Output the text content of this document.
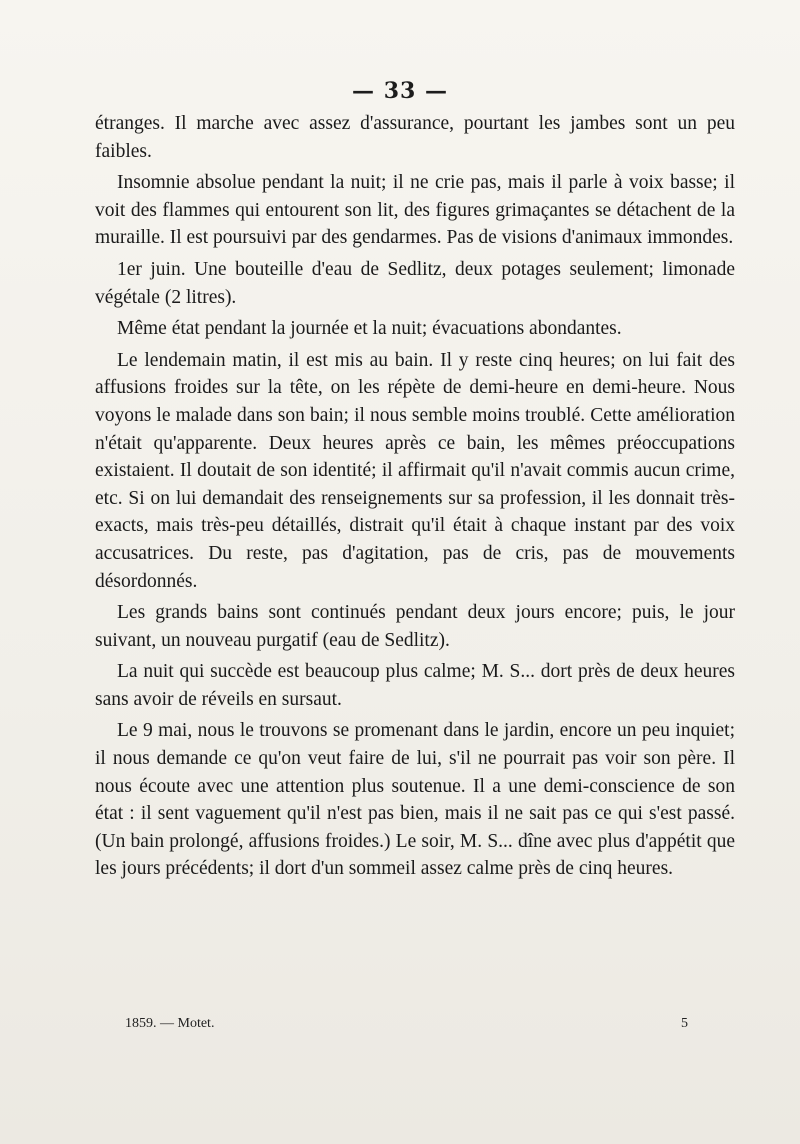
— 33 —

étranges. Il marche avec assez d'assurance, pourtant les jambes sont un peu faibles.

Insomnie absolue pendant la nuit; il ne crie pas, mais il parle à voix basse; il voit des flammes qui entourent son lit, des figures grimaçantes se détachent de la muraille. Il est poursuivi par des gendarmes. Pas de visions d'animaux immondes.

1er juin. Une bouteille d'eau de Sedlitz, deux potages seulement; limonade végétale (2 litres).

Même état pendant la journée et la nuit; évacuations abondantes.

Le lendemain matin, il est mis au bain. Il y reste cinq heures; on lui fait des affusions froides sur la tête, on les répète de demi-heure en demi-heure. Nous voyons le malade dans son bain; il nous semble moins troublé. Cette amélioration n'était qu'apparente. Deux heures après ce bain, les mêmes préoccupations existaient. Il doutait de son identité; il affirmait qu'il n'avait commis aucun crime, etc. Si on lui demandait des renseignements sur sa profession, il les donnait très-exacts, mais très-peu détaillés, distrait qu'il était à chaque instant par des voix accusatrices. Du reste, pas d'agitation, pas de cris, pas de mouvements désordonnés.

Les grands bains sont continués pendant deux jours encore; puis, le jour suivant, un nouveau purgatif (eau de Sedlitz).

La nuit qui succède est beaucoup plus calme; M. S... dort près de deux heures sans avoir de réveils en sursaut.

Le 9 mai, nous le trouvons se promenant dans le jardin, encore un peu inquiet; il nous demande ce qu'on veut faire de lui, s'il ne pourrait pas voir son père. Il nous écoute avec une attention plus soutenue. Il a une demi-conscience de son état : il sent vaguement qu'il n'est pas bien, mais il ne sait pas ce qui s'est passé. (Un bain prolongé, affusions froides.) Le soir, M. S... dîne avec plus d'appétit que les jours précédents; il dort d'un sommeil assez calme près de cinq heures.

1859. — Motet.	5
